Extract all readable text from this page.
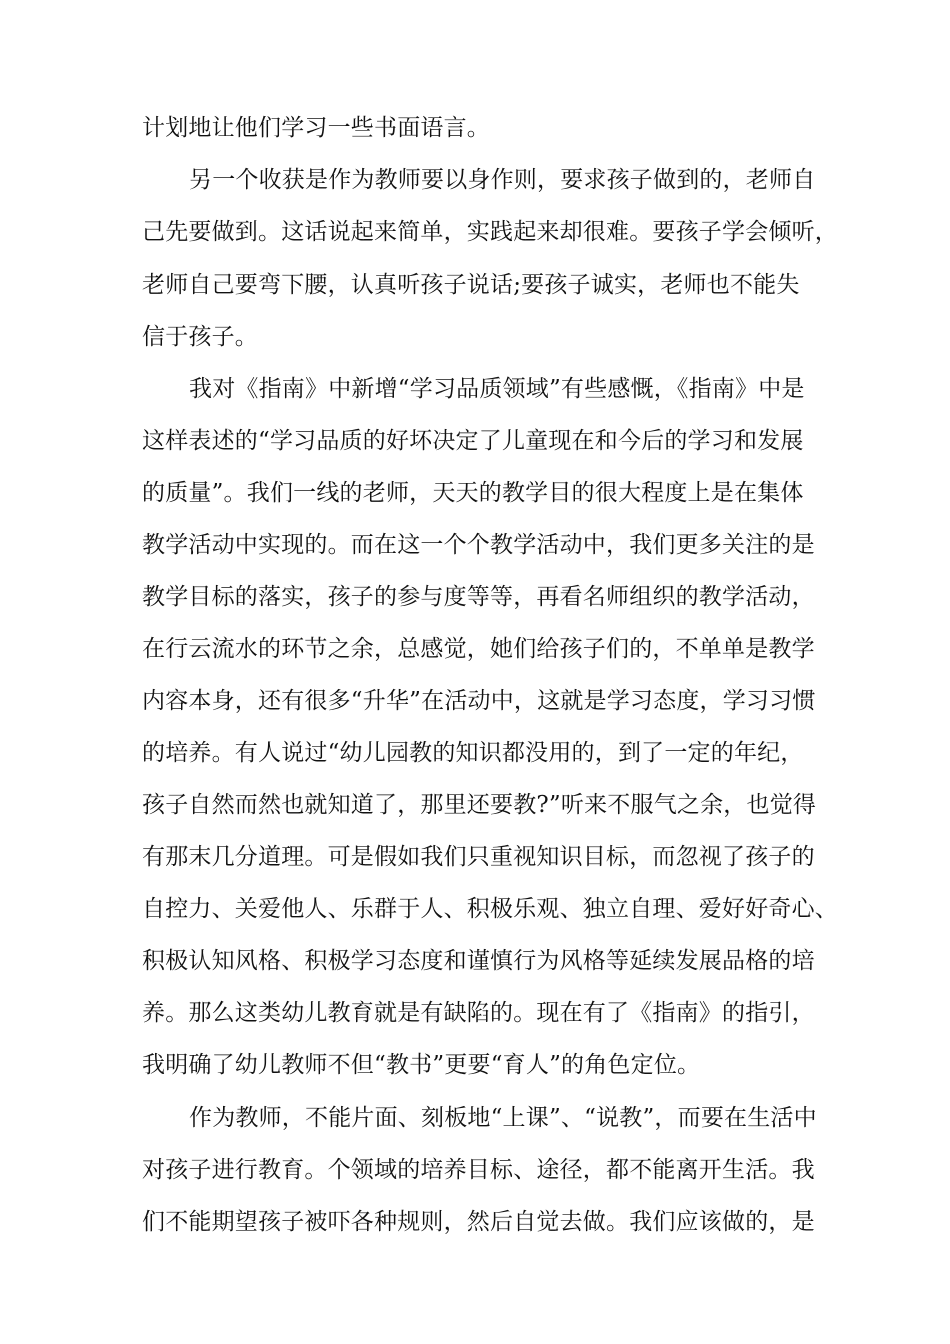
计划地让他们学习一些书面语言。
另一个收获是作为教师要以身作则，要求孩子做到的，老师自
己先要做到。这话说起来简单，实践起来却很难。要孩子学会倾听，
老师自己要弯下腰，认真听孩子说话;要孩子诚实，老师也不能失
信于孩子。
我对《指南》中新增“学习品质领域”有些感慨，《指南》中是
这样表述的“学习品质的好坏决定了儿童现在和今后的学习和发展
的质量”。我们一线的老师，天天的教学目的很大程度上是在集体
教学活动中实现的。而在这一个个教学活动中，我们更多关注的是
教学目标的落实，孩子的参与度等等，再看名师组织的教学活动，
在行云流水的环节之余，总感觉，她们给孩子们的，不单单是教学
内容本身，还有很多“升华”在活动中，这就是学习态度，学习习惯
的培养。有人说过“幼儿园教的知识都没用的，到了一定的年纪，
孩子自然而然也就知道了，那里还要教?”听来不服气之余，也觉得
有那末几分道理。可是假如我们只重视知识目标，而忽视了孩子的
自控力、关爱他人、乐群于人、积极乐观、独立自理、爱好好奇心、
积极认知风格、积极学习态度和谨慎行为风格等延续发展品格的培
养。那么这类幼儿教育就是有缺陷的。现在有了《指南》的指引，
我明确了幼儿教师不但“教书”更要“育人”的角色定位。
作为教师，不能片面、刻板地“上课”、“说教”，而要在生活中
对孩子进行教育。个领域的培养目标、途径，都不能离开生活。我
们不能期望孩子被吓各种规则，然后自觉去做。我们应该做的，是
